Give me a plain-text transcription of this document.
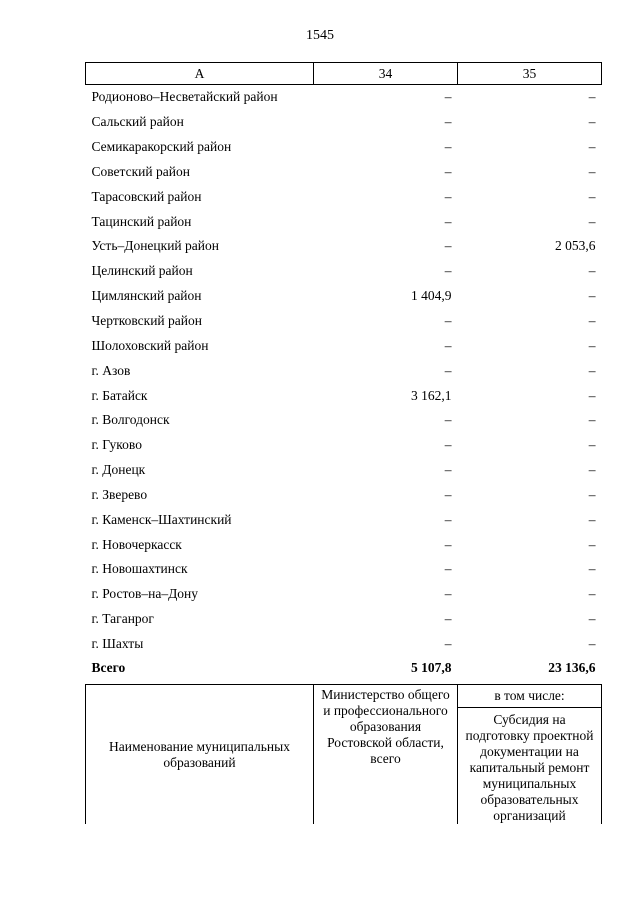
1545
А	34	35
Родионово–Несветайский район	–	–
Сальский район	–	–
Семикаракорский район	–	–
Советский район	–	–
Тарасовский район	–	–
Тацинский район	–	–
Усть–Донецкий район	–	2 053,6
Целинский район	–	–
Цимлянский район	1 404,9	–
Чертковский район	–	–
Шолоховский район	–	–
г. Азов	–	–
г. Батайск	3 162,1	–
г. Волгодонск	–	–
г. Гуково	–	–
г. Донецк	–	–
г. Зверево	–	–
г. Каменск–Шахтинский	–	–
г. Новочеркасск	–	–
г. Новошахтинск	–	–
г. Ростов–на–Дону	–	–
г. Таганрог	–	–
г. Шахты	–	–
Всего	5 107,8	23 136,6
Наименование муниципальных образований	Министерство общего и профессионального образования Ростовской области, всего	в том числе:
Субсидия на подготовку проектной документации на капитальный ремонт муниципальных образовательных организаций
